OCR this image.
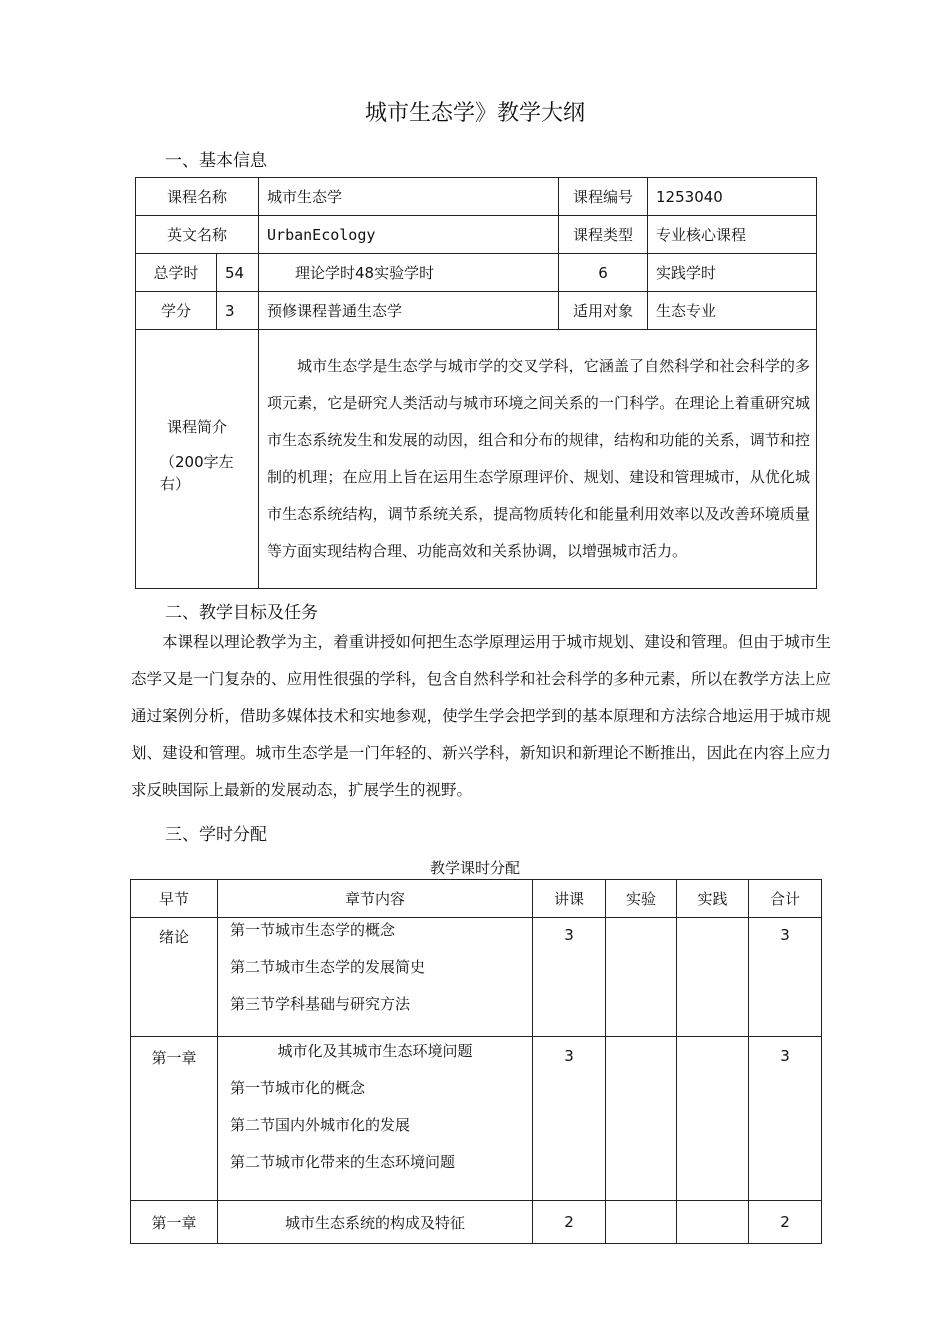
城市生态学》教学大纲
一、基本信息
课程名称		城市生态学	课程编号	1253040
英文名称		UrbanEcology	课程类型	专业核心课程
总学时	54	理论学时48实验学时	6	实践学时
学分	3	预修课程普通生态学	适用对象	生态专业

课程简介
（200字左右）		城市生态学是生态学与城市学的交叉学科，它涵盖了自然科学和社会科学的多项元素，它是研究人类活动与城市环境之间关系的一门科学。在理论上着重研究城市生态系统发生和发展的动因，组合和分布的规律，结构和功能的关系，调节和控制的机理；在应用上旨在运用生态学原理评价、规划、建设和管理城市，从优化城市生态系统结构，调节系统关系，提高物质转化和能量利用效率以及改善环境质量等方面实现结构合理、功能高效和关系协调，以增强城市活力。		
二、教学目标及任务
本课程以理论教学为主，着重讲授如何把生态学原理运用于城市规划、建设和管理。但由于城市生态学又是一门复杂的、应用性很强的学科，包含自然科学和社会科学的多种元素，所以在教学方法上应通过案例分析，借助多媒体技术和实地参观，使学生学会把学到的基本原理和方法综合地运用于城市规划、建设和管理。城市生态学是一门年轻的、新兴学科，新知识和新理论不断推出，因此在内容上应力求反映国际上最新的发展动态，扩展学生的视野。
三、学时分配
教学课时分配
早节	章节内容	讲课	实验	实践	合计
绪论	第一节城市生态学的概念
第二节城市生态学的发展简史
第三节学科基础与研究方法	3			3
第一章	城市化及其城市生态环境问题
第一节城市化的概念
第二节国内外城市化的发展
第二节城市化带来的生态环境问题	3			3
第一章	城市生态系统的构成及特征	2			2
